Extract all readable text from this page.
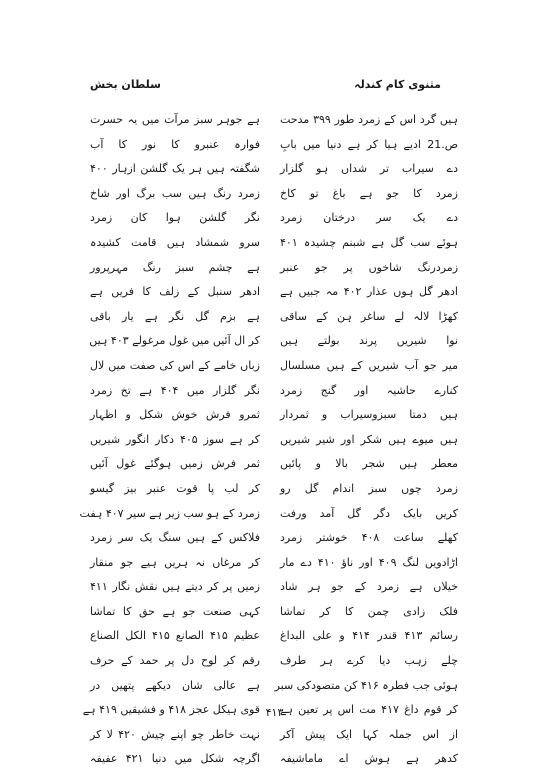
مثنوی کام کندلہ
سلطان بخش
ہیں گرد اس کے زمرد طور ۳۹۹ مدحت
ص.21 ادیے ہیا کر ہے دنیا میں بابِ
دے سیراب تر شداں ہو گلزار
زمرد کا جو ہے باغ تو کاخ
دے یک سر درختان زمرد
ہوئے سب گل ہے شبنم چشیدہ ۴۰۱
زمردرنگ شاخوں پر جو عنبر
ادھر گل ہوں عذار ۴۰۲ مہ جبیں ہے
کھڑا لالہ لے ساغر ہن کے ساقی
نوا شیریں پرند بولتے ہیں
میر جو آب شیریں کے ہیں مسلسال
کنارے حاشیہ اور گنج زمرد
ہیں دمتا سبزوسیراب و ثمردار
ہیں میوے ہیں شکر اور شیر شیریں
معطر ہیں شجر بالا و پائیں
زمرد چوں سبز اندام گل رو
کریں بایک دگر گل آمد ورفت
کھلے ساعت ۴۰۸ خوشتر زمرد
اڑادویں لنگ ۴۰۹ اور ناؤ ۴۱۰ دے مار
خیلاں ہے زمرد کے جو ہر شاد
فلک زادی چمن کا کر تماشا
رسائم ۴۱۳ قندر ۴۱۴ و علی البداغ
چلے زہب دیا کرے ہر طرف
ہوئی جب فطرہ ۴۱۶ کن متصودکی سبر
کر قوم داغ ۴۱۷ مت اس پر تعین ہے
از اس جملہ کہا ایک پیش آکر
کدھر ہے ہوش اے ماماشیفہ
ہے جوہر سبز مرآت میں یہ حسرت
فوارہ عنبرو کا نور کا آب
شگفتہ ہیں ہر یک گلشن ازہار ۴۰۰
زمرد رنگ ہیں سب برگ اور شاخ
نگر گلشن ہوا کان زمرد
سرو شمشاد ہیں قامت کشیدہ
ہے چشم سبز رنگ مہرپرور
ادھر سنبل کے زلف کا فریں ہے
ہے بزم گل نگر ہے یار باقی
کر ال آئیں میں غول مرغولے ۴۰۳ ہیں
زباں خامے کے اس کی صفت میں لال
نگر گلزار میں ۴۰۴ ہے تخ زمرد
ثمرو فرش خوش شکل و اظہار
کر ہے سوز ۴۰۵ دکار انگور شیریں
ثمر فرش زمیں ہوگئے غول آئیں
کر لب پا قوت عنبر بیز گیسو
زمرد کے ہو سب زیر ہے سیر ۴۰۷ ہفت
فلاکس کے ہیں سنگ یک سر زمرد
کر مرغاں نہ ہریں ہیے جو منقار
زمیں پر کر دیتے ہیں نقش نگار ۴۱۱
کہی صنعت جو ہے حق کا تماشا
عظیم ۴۱۵ الصانع ۴۱۵ الکل الصناع
رقم کر لوح دل پر حمد کے حرف
ہے عالی شان دیکھے پتھیں در
قوی ہیکل عجز ۴۱۸ و فشیقیں ۴۱۹ ہے
نہت خاطر چو اپنے چیش ۴۲۰ لا کر
اگرچہ شکل میں دنیا ۴۲۱ عفیفہ
۴۱۳
